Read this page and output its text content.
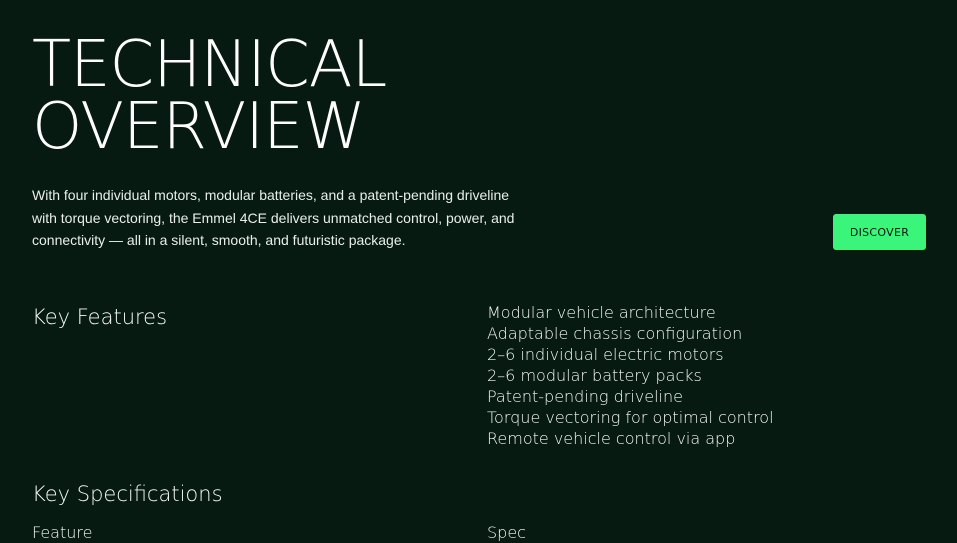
TECHNICAL
OVERVIEW

With four individual motors, modular batteries, and a patent-pending driveline with torque vectoring, the Emmel 4CE delivers unmatched control, power, and connectivity — all in a silent, smooth, and futuristic package.	DISCOVER
Key Features	Modular vehicle architecture
Adaptable chassis configuration
2–6 individual electric motors
2–6 modular battery packs
Patent-pending driveline
Torque vectoring for optimal control
Remote vehicle control via app
Key Specifications
Feature	Spec
